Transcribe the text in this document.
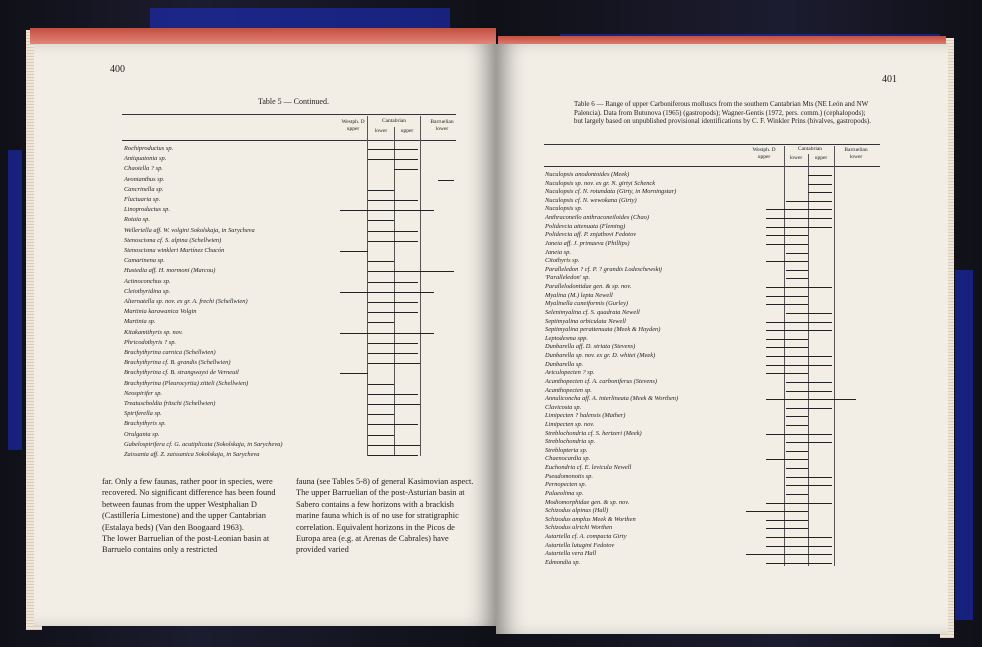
400
Table 5 — Continued.
Westph. D
upper
Cantabrian
lower	upper
Barruelian
lower
Rochiproductus sp.
Antiquatonia sp.
Chaoiella ? sp.
Avonianthus sp.
Cancrinella sp.
Fluctuaria sp.
Linoproductus sp.
Rotaia sp.
Welleriella aff. W. volgini Sokolskaja, in Sarycheva
Stenoscisma cf. S. alpina (Schellwien)
Stenoscisma winkleri Martínez Chacón
Camarinena sp.
Hustedia aff. H. mormoni (Marcou)
Actinoconchus sp.
Cleiothyridina sp.
Alternatella sp. nov. ex gr. A. frechi (Schellwien)
Martinia karawanica Volgin
Martinia sp.
Kitakamithyris sp. nov.
Phricodothyris ? sp.
Brachythyrina carnica (Schellwien)
Brachythyrina cf. B. grandis (Schellwien)
Brachythyrina cf. B. strangwaysi de Verneuil
Brachythyrina (Pleurocyrtia) zitteli (Schellwien)
Neospirifer sp.
Treatuscholdia fritschi (Schellwien)
Spiriferella sp.
Brachythyris sp.
Orulgania sp.
Gabelospirifera cf. G. acutiplicata (Sokolskaja, in Sarycheva)
Zaissania aff. Z. zaissanica Sokolskaja, in Sarycheva
far. Only a few faunas, rather poor in species, were recovered. No significant difference has been found between faunas from the upper Westphalian D (Castillería Limestone) and the upper Cantabrian (Estalaya beds) (Van den Boogaard 1963).
The lower Barruelian of the post-Leonian basin at Barruelo contains only a restricted
fauna (see Tables 5-8) of general Kasimovian aspect.
The upper Barruelian of the post-Asturian basin at Sabero contains a few horizons with a brackish marine fauna which is of no use for stratigraphic correlation. Equivalent horizons in the Picos de Europa area (e.g. at Arenas de Cabrales) have provided varied
401
Table 6 — Range of upper Carboniferous molluscs from the southern Cantabrian Mts (NE León and NW Palencia). Data from Butunova (1965) (gastropods); Wagner-Gentis (1972, pers. comm.) (cephalopods); but largely based on unpublished provisional identifications by C. F. Winkler Prins (bivalves, gastropods).
Westph. D
upper
Cantabrian
lower	upper
Barruelian
lower
Nuculopsis anodontoides (Meek)
Nuculopsis sp. nov. ex gr. N. girtyi Schenck
Nuculopsis cf. N. rotundata (Girty, in Morningstar)
Nuculopsis cf. N. wewokana (Girty)
Nuculopsis sp.
Anthraconeilo anthraconeiloides (Chao)
Polidevcia attenuata (Fleming)
Polidevcia aff. P. znjathovi Fedotov
Janeia aff. J. primaeva (Phillips)
Janeia sp.
Citothyris sp.
Paralleledon ? cf. P. ? grandis Lodeschewskij
'Paralleledon' sp.
Parallelodontidae gen. & sp. nov.
Myalina (M.) lepta Newell
Myalinella cuneiformis (Gurley)
Selenimyalina cf. S. quadrata Newell
Septimyalina orbiculata Newell
Septimyalina perattenuata (Meek & Hayden)
Leptodesma spp.
Dunbarella aff. D. striata (Stevens)
Dunbarella sp. nov. ex gr. D. whitei (Meek)
Dunbarella sp.
Aviculopecten ? sp.
Acanthopecten cf. A. carboniferus (Stevens)
Acanthopecten sp.
Annuliconcha aff. A. interlineata (Meek & Worthen)
Clavicosta sp.
Limipecten ? halensis (Mather)
Limipecten sp. nov.
Streblochondria cf. S. hertzeri (Meek)
Streblochondria sp.
Streblopteria sp.
Chaenocardia sp.
Euchondria cf. E. levicula Newell
Pseudomonotis sp.
Pernopecten sp.
Palaeolima sp.
Modiomorphidae gen. & sp. nov.
Schizodus alpinus (Hall)
Schizodus amplus Meek & Worthen
Schizodus ulrichi Worthen
Astartella cf. A. compacta Girty
Astartella lutugini Fedotov
Astartella vera Hall
Edmondia sp.
